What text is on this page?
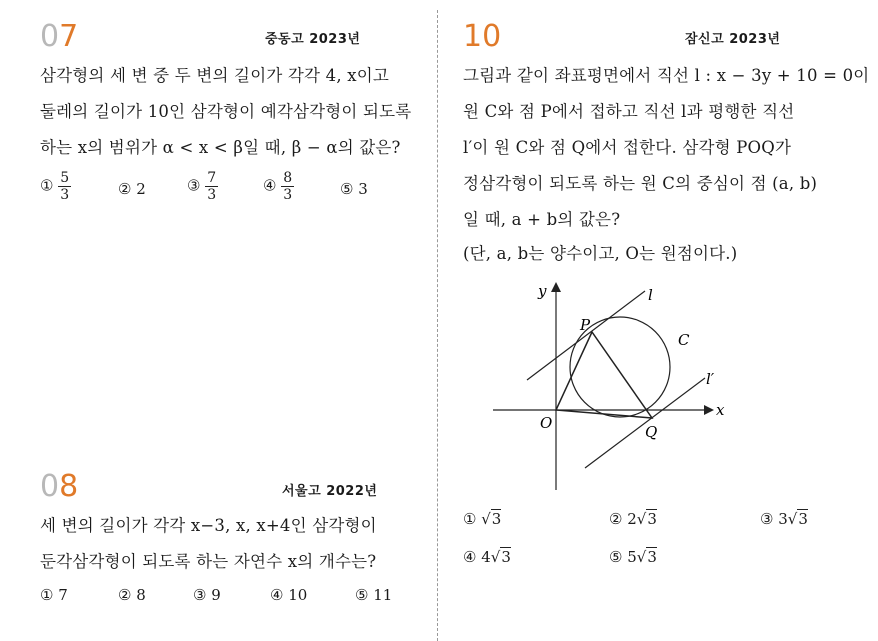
07	중동고 2023년
삼각형의 세 변 중 두 변의 길이가 각각 4, x이고
둘레의 길이가 10인 삼각형이 예각삼각형이 되도록
하는 x의 범위가 α < x < β일 때, β − α의 값은?
① $\frac{5}{3}$	② 2	③ $\frac{7}{3}$	④ $\frac{8}{3}$	⑤ 3
08	서울고 2022년
세 변의 길이가 각각 x−3, x, x+4인 삼각형이
둔각삼각형이 되도록 하는 자연수 x의 개수는?
① 7	② 8	③ 9	④ 10	⑤ 11
10	잠신고 2023년
그림과 같이 좌표평면에서 직선 l : x − 3y + 10 = 0이
원 C와 점 P에서 접하고 직선 l과 평행한 직선
l′이 원 C와 점 Q에서 접한다. 삼각형 POQ가
정삼각형이 되도록 하는 원 C의 중심이 점 (a, b)
일 때, a + b의 값은?
(단, a, b는 양수이고, O는 원점이다.)
y
x
l
l′
C
P
O	Q
① √3	② 2√3	③ 3√3
④ 4√3	⑤ 5√3
